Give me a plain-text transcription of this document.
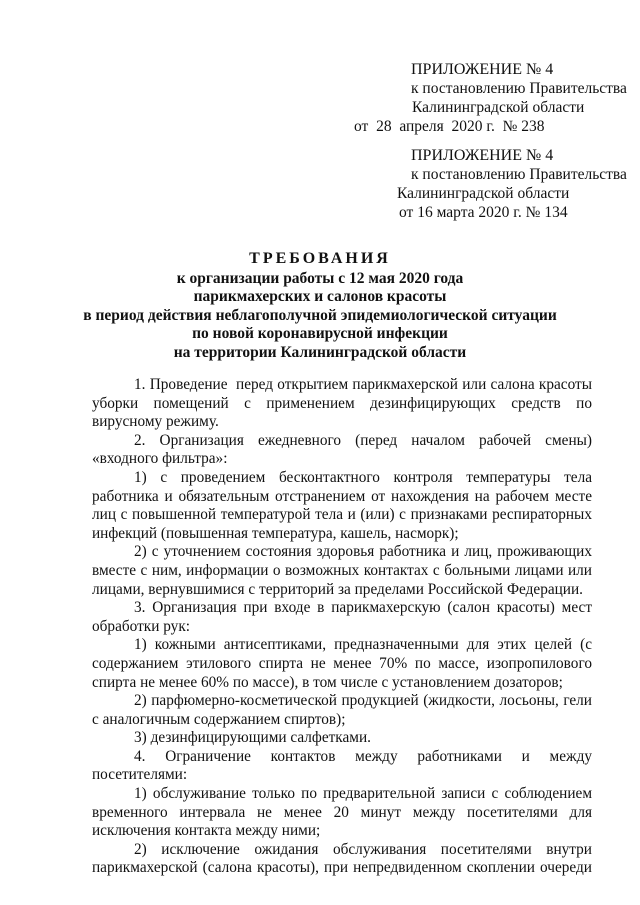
ПРИЛОЖЕНИЕ № 4
к постановлению Правительства
Калининградской области
от  28  апреля  2020 г.  № 238
ПРИЛОЖЕНИЕ № 4
к постановлению Правительства
Калининградской области
от 16 марта 2020 г. № 134
ТРЕБОВАНИЯ
к организации работы с 12 мая 2020 года
парикмахерских и салонов красоты
в период действия неблагополучной эпидемиологической ситуации
по новой коронавирусной инфекции
на территории Калининградской области

1. Проведение  перед открытием парикмахерской или салона красоты уборки помещений с применением дезинфицирующих средств по вирусному режиму.

2. Организация ежедневного (перед началом рабочей смены) «входного фильтра»:

1) с проведением бесконтактного контроля температуры тела работника и обязательным отстранением от нахождения на рабочем месте лиц с повышенной температурой тела и (или) с признаками респираторных инфекций (повышенная температура, кашель, насморк);

2) с уточнением состояния здоровья работника и лиц, проживающих вместе с ним, информации о возможных контактах с больными лицами или лицами, вернувшимися с территорий за пределами Российской Федерации.

3. Организация при входе в парикмахерскую (салон красоты) мест обработки рук:

1) кожными антисептиками, предназначенными для этих целей (с содержанием этилового спирта не менее 70% по массе, изопропилового спирта не менее 60% по массе), в том числе с установлением дозаторов;

2) парфюмерно-косметической продукцией (жидкости, лосьоны, гели с аналогичным содержанием спиртов);

3) дезинфицирующими салфетками.

4. Ограничение контактов между работниками и между посетителями:

1) обслуживание только по предварительной записи с соблюдением временного интервала не менее 20 минут между посетителями для исключения контакта между ними;

2) исключение ожидания обслуживания посетителями внутри парикмахерской (салона красоты), при непредвиденном скоплении очереди
